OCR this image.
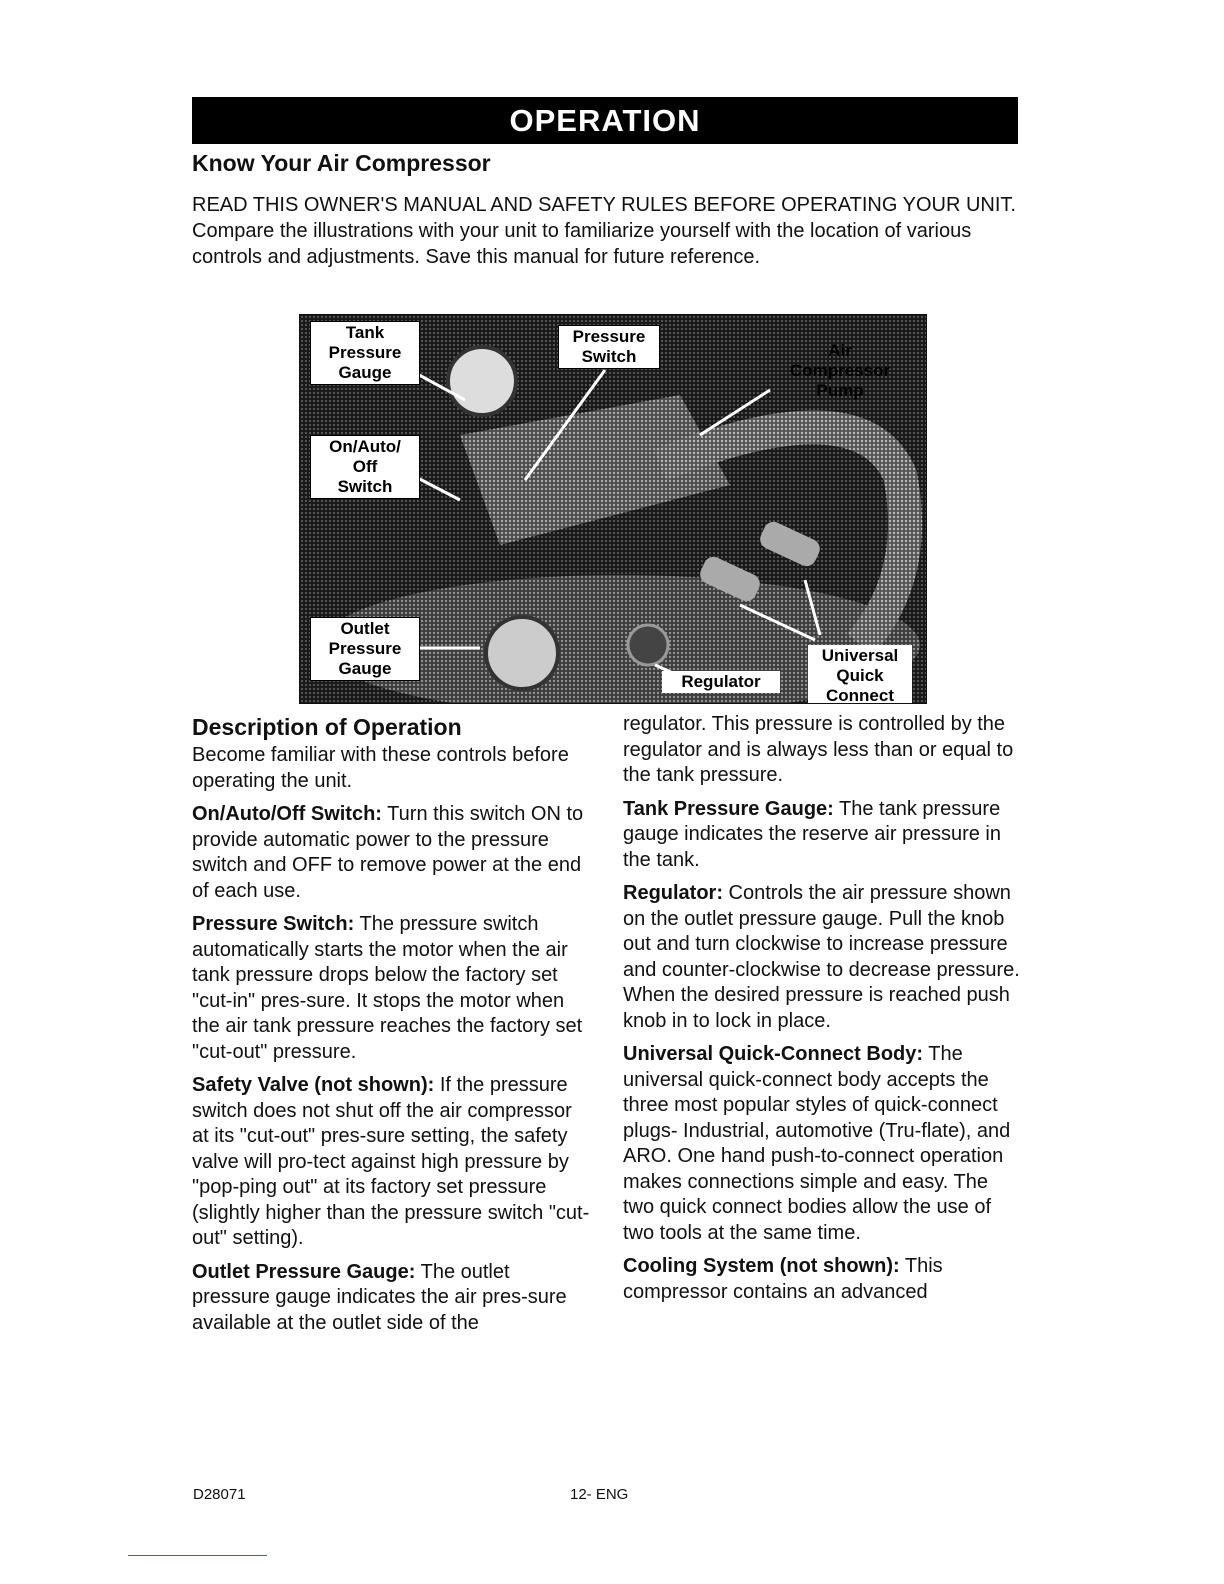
OPERATION
Know Your Air Compressor
READ THIS OWNER'S MANUAL AND SAFETY RULES BEFORE OPERATING YOUR UNIT. Compare the illustrations with your unit to familiarize yourself with the location of various controls and adjustments. Save this manual for future reference.
Tank
Pressure
Gauge
Pressure
Switch	Air
Compressor
Pump
On/Auto/
Off
Switch
Outlet
Pressure
Gauge
Regulator
Universal
Quick
Connect
Description of Operation

Become familiar with these controls before operating the unit.

On/Auto/Off Switch: Turn this switch ON to provide automatic power to the pressure switch and OFF to remove power at the end of each use.

Pressure Switch: The pressure switch automatically starts the motor when the air tank pressure drops below the factory set "cut-in" pres-sure. It stops the motor when the air tank pressure reaches the factory set "cut-out" pressure.

Safety Valve (not shown): If the pressure switch does not shut off the air compressor at its "cut-out" pres-sure setting, the safety valve will pro-tect against high pressure by "pop-ping out" at its factory set pressure (slightly higher than the pressure switch "cut-out" setting).

Outlet Pressure Gauge: The outlet pressure gauge indicates the air pres-sure available at the outlet side of the

regulator. This pressure is controlled by the regulator and is always less than or equal to the tank pressure.

Tank Pressure Gauge: The tank pressure gauge indicates the reserve air pressure in the tank.

Regulator: Controls the air pressure shown on the outlet pressure gauge. Pull the knob out and turn clockwise to increase pressure and counter-clockwise to decrease pressure. When the desired pressure is reached push knob in to lock in place.

Universal Quick-Connect Body: The universal quick-connect body accepts the three most popular styles of quick-connect plugs- Industrial, automotive (Tru-flate), and ARO. One hand push-to-connect operation makes connections simple and easy. The two quick connect bodies allow the use of two tools at the same time.

Cooling System (not shown): This compressor contains an advanced

D28071	12- ENG
